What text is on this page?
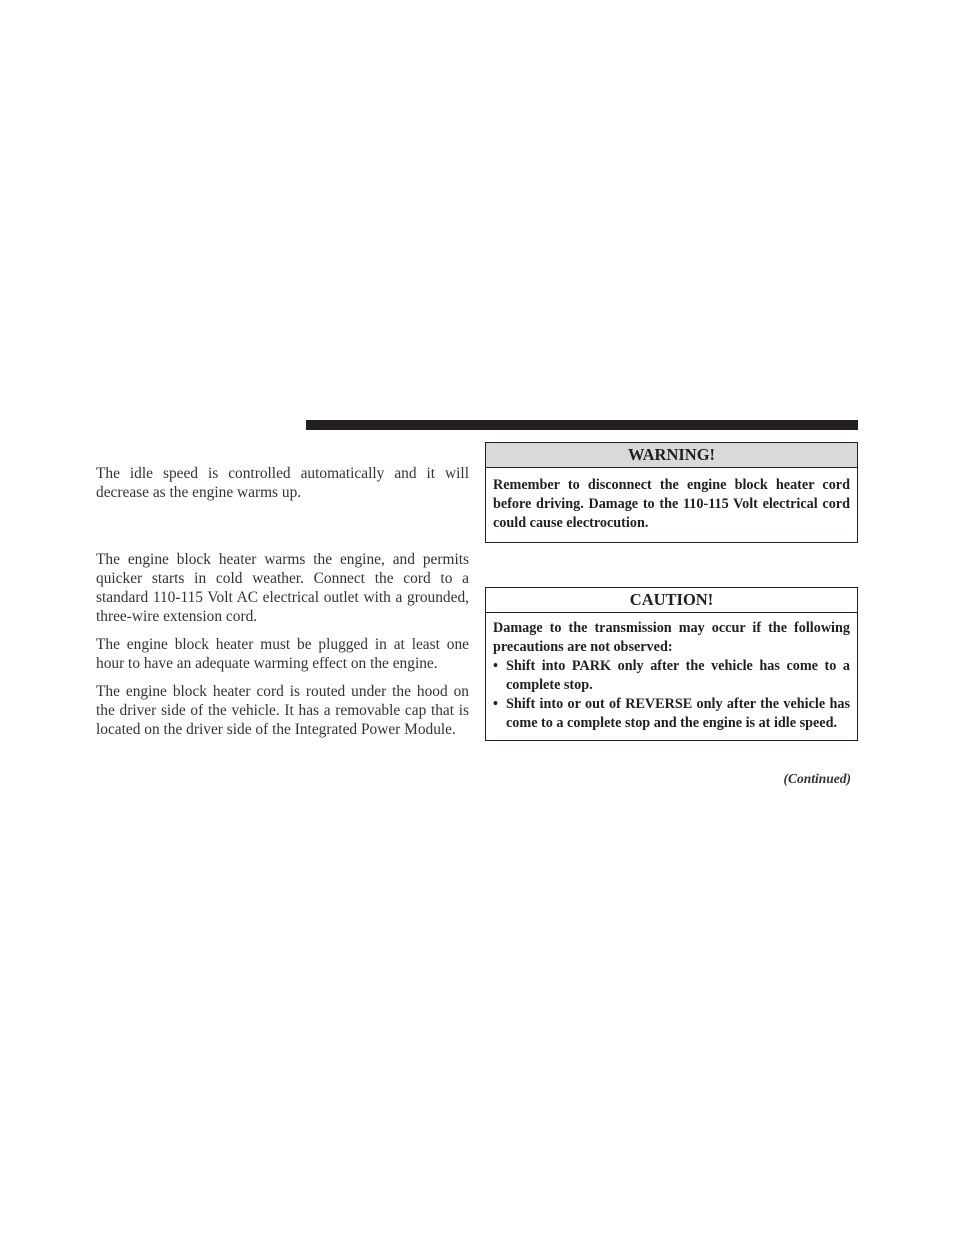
The idle speed is controlled automatically and it will decrease as the engine warms up.

The engine block heater warms the engine, and permits quicker starts in cold weather. Connect the cord to a standard 110-115 Volt AC electrical outlet with a grounded, three-wire extension cord.

The engine block heater must be plugged in at least one hour to have an adequate warming effect on the engine.

The engine block heater cord is routed under the hood on the driver side of the vehicle. It has a removable cap that is located on the driver side of the Integrated Power Module.

WARNING!
Remember to disconnect the engine block heater cord before driving. Damage to the 110-115 Volt electrical cord could cause electrocution.
CAUTION!
Damage to the transmission may occur if the following precautions are not observed:
• Shift into PARK only after the vehicle has come to a complete stop.
• Shift into or out of REVERSE only after the vehicle has come to a complete stop and the engine is at idle speed.
(Continued)
